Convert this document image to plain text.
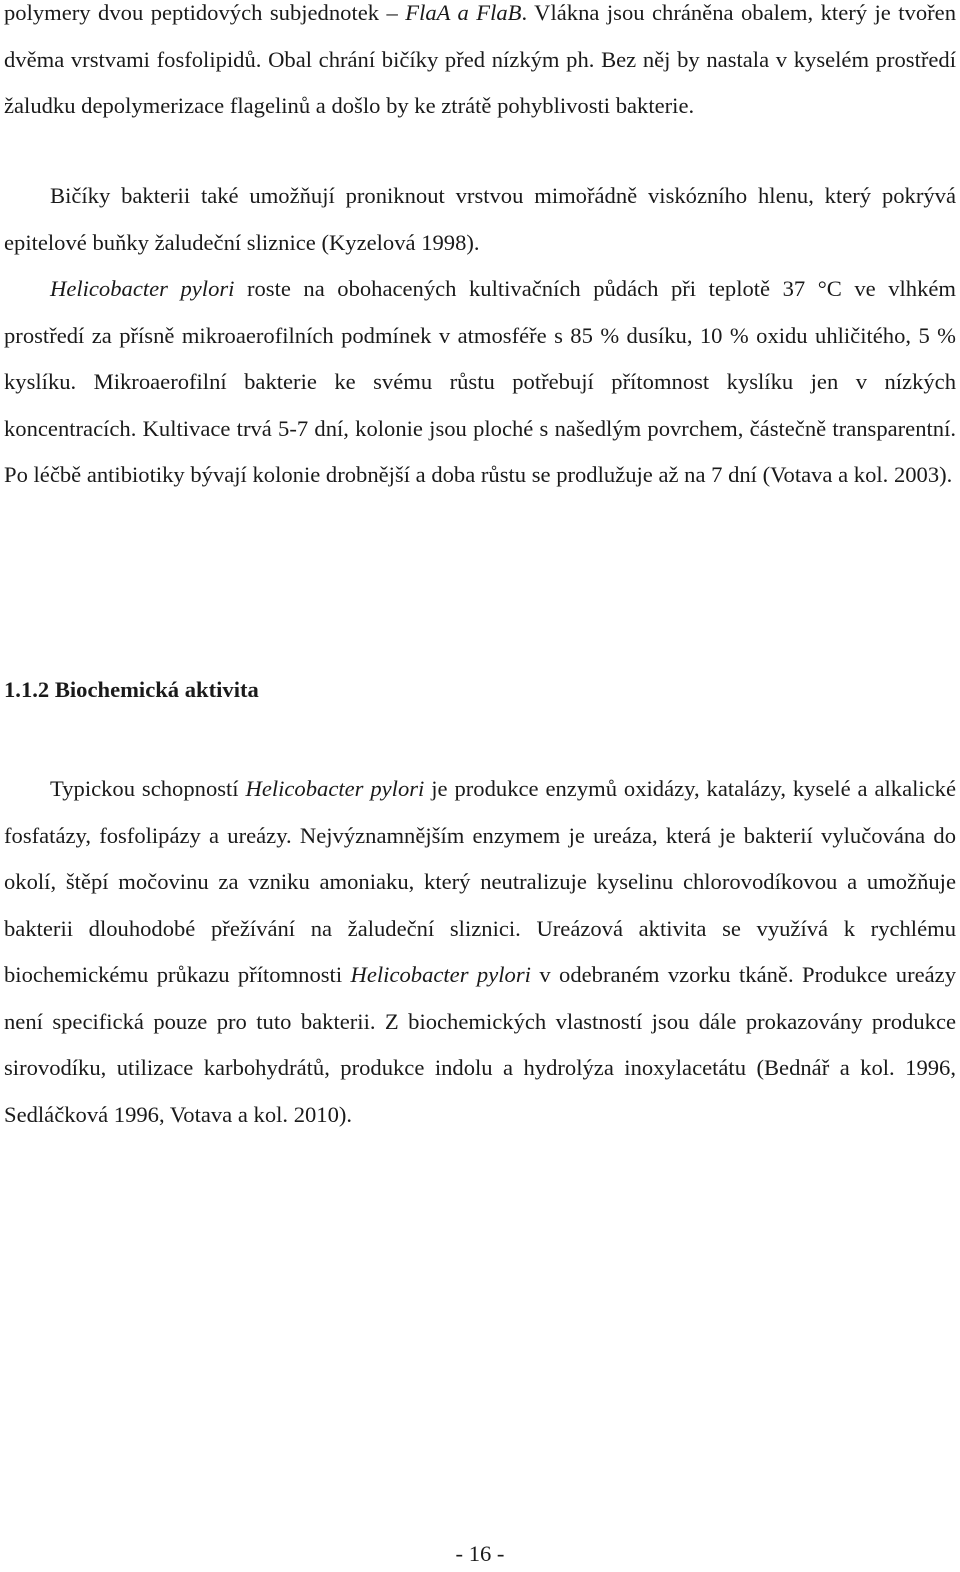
polymery dvou peptidových subjednotek – FlaA a FlaB. Vlákna jsou chráněna obalem, který je tvořen dvěma vrstvami fosfolipidů. Obal chrání bičíky před nízkým ph. Bez něj by nastala v kyselém prostředí žaludku depolymerizace flagelinů a došlo by ke ztrátě pohyblivosti bakterie.

Bičíky bakterii také umožňují proniknout vrstvou mimořádně viskózního hlenu, který pokrývá epitelové buňky žaludeční sliznice (Kyzelová 1998).

Helicobacter pylori roste na obohacených kultivačních půdách při teplotě 37 °C ve vlhkém prostředí za přísně mikroaerofilních podmínek v atmosféře s 85 % dusíku, 10 % oxidu uhličitého, 5 % kyslíku. Mikroaerofilní bakterie ke svému růstu potřebují přítomnost kyslíku jen v nízkých koncentracích. Kultivace trvá 5-7 dní, kolonie jsou ploché s našedlým povrchem, částečně transparentní. Po léčbě antibiotiky bývají kolonie drobnější a doba růstu se prodlužuje až na 7 dní (Votava a kol. 2003).

1.1.2 Biochemická aktivita

Typickou schopností Helicobacter pylori je produkce enzymů oxidázy, katalázy, kyselé a alkalické fosfatázy, fosfolipázy a ureázy. Nejvýznamnějším enzymem je ureáza, která je bakterií vylučována do okolí, štěpí močovinu za vzniku amoniaku, který neutralizuje kyselinu chlorovodíkovou a umožňuje bakterii dlouhodobé přežívání na žaludeční sliznici. Ureázová aktivita se využívá k rychlému biochemickému průkazu přítomnosti Helicobacter pylori v odebraném vzorku tkáně. Produkce ureázy není specifická pouze pro tuto bakterii. Z biochemických vlastností jsou dále prokazovány produkce sirovodíku, utilizace karbohydrátů, produkce indolu a hydrolýza inoxylacetátu (Bednář a kol. 1996, Sedláčková 1996, Votava a kol. 2010).

- 16 -
